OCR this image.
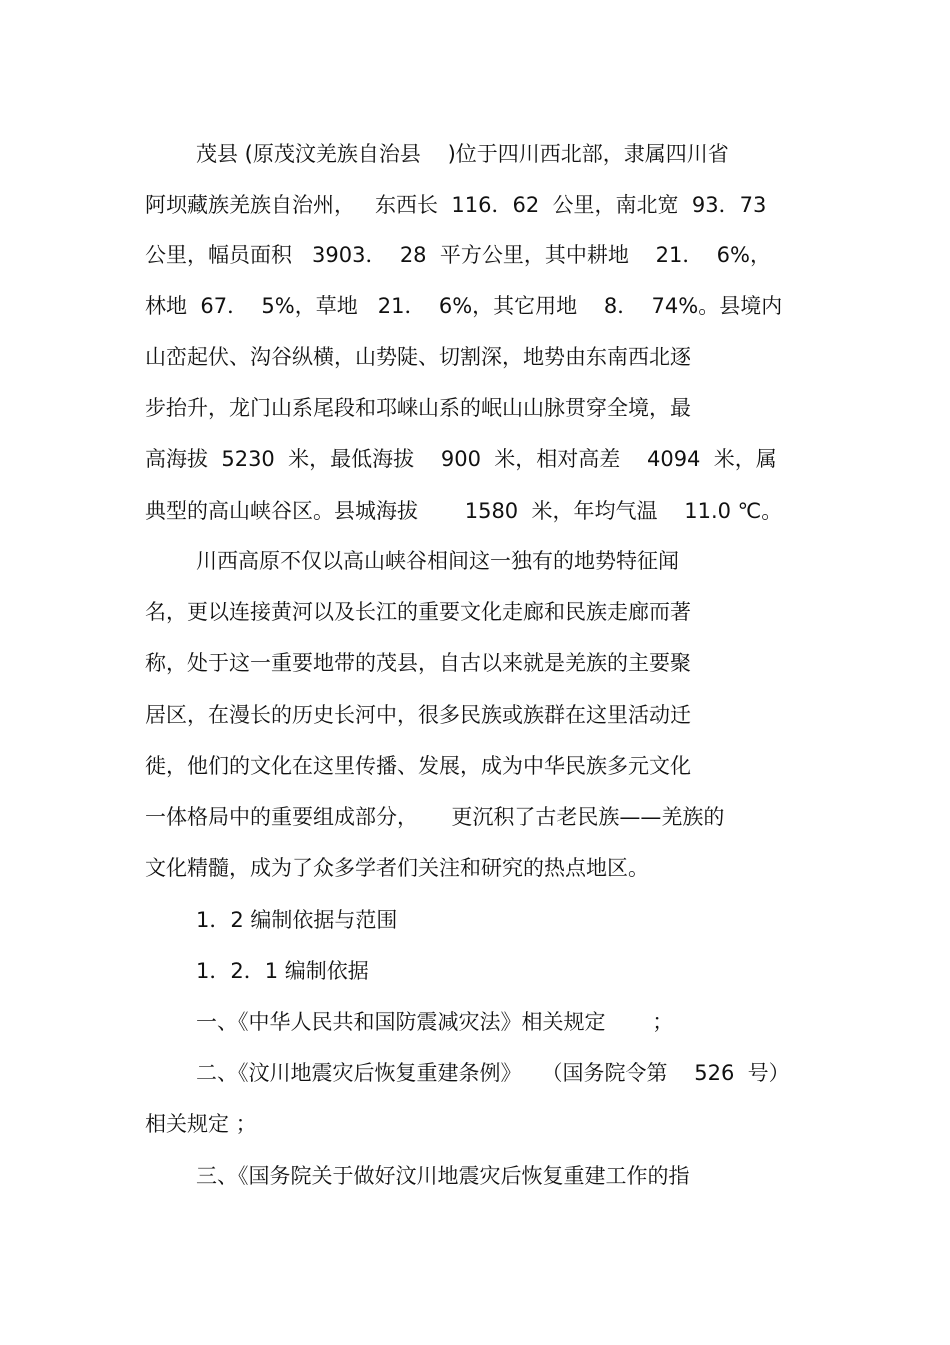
茂县 (原茂汶羌族自治县    )位于四川西北部，隶属四川省
阿坝藏族羌族自治州，   东西长  116．62  公里，南北宽  93．73
公里，幅员面积   3903．  28  平方公里，其中耕地    21．  6%，
林地  67．  5%，草地   21．  6%，其它用地    8．  74%。县境内
山峦起伏、沟谷纵横，山势陡、切割深，地势由东南西北逐
步抬升，龙门山系尾段和邛崃山系的岷山山脉贯穿全境，最
高海拔  5230  米，最低海拔    900  米，相对高差    4094  米，属
典型的高山峡谷区。县城海拔       1580  米，年均气温    11.0 ℃。
川西高原不仅以高山峡谷相间这一独有的地势特征闻
名，更以连接黄河以及长江的重要文化走廊和民族走廊而著
称，处于这一重要地带的茂县，自古以来就是羌族的主要聚
居区，在漫长的历史长河中，很多民族或族群在这里活动迁
徙，他们的文化在这里传播、发展，成为中华民族多元文化
一体格局中的重要组成部分，     更沉积了古老民族——羌族的
文化精髓，成为了众多学者们关注和研究的热点地区。
1．2 编制依据与范围
1．2．1 编制依据
一、《中华人民共和国防震减灾法》相关规定       ；
二、《汶川地震灾后恢复重建条例》   （国务院令第    526  号）
相关规定 ；
三、《国务院关于做好汶川地震灾后恢复重建工作的指
